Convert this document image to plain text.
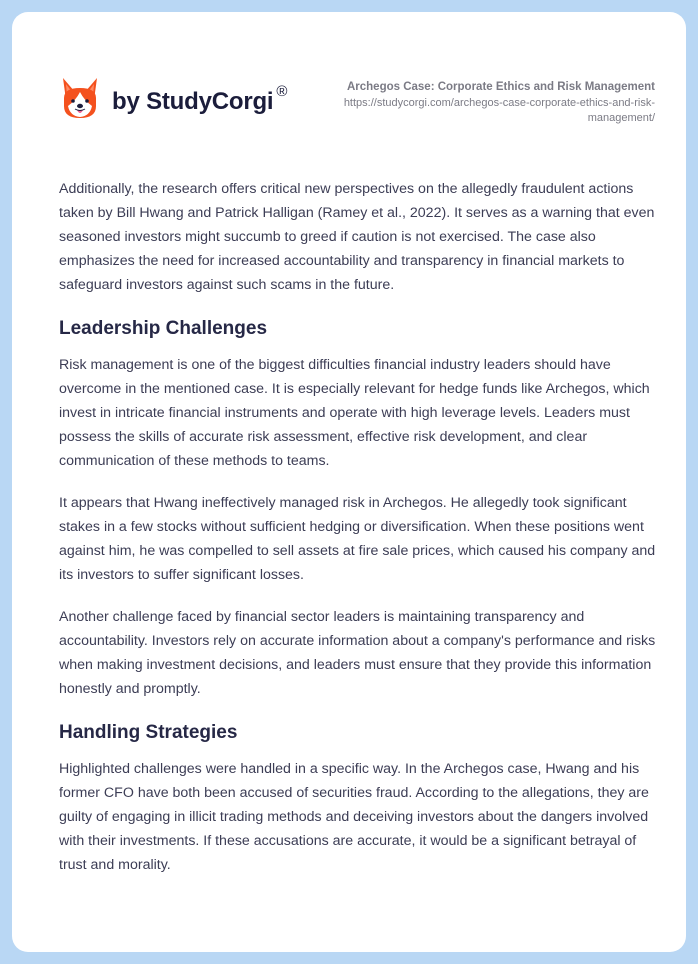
by StudyCorgi ®	Archegos Case: Corporate Ethics and Risk Management
https://studycorgi.com/archegos-case-corporate-ethics-and-risk-management/

Additionally, the research offers critical new perspectives on the allegedly fraudulent actions taken by Bill Hwang and Patrick Halligan (Ramey et al., 2022). It serves as a warning that even seasoned investors might succumb to greed if caution is not exercised. The case also emphasizes the need for increased accountability and transparency in financial markets to safeguard investors against such scams in the future.

Leadership Challenges

Risk management is one of the biggest difficulties financial industry leaders should have overcome in the mentioned case. It is especially relevant for hedge funds like Archegos, which invest in intricate financial instruments and operate with high leverage levels. Leaders must possess the skills of accurate risk assessment, effective risk development, and clear communication of these methods to teams.

It appears that Hwang ineffectively managed risk in Archegos. He allegedly took significant stakes in a few stocks without sufficient hedging or diversification. When these positions went against him, he was compelled to sell assets at fire sale prices, which caused his company and its investors to suffer significant losses.

Another challenge faced by financial sector leaders is maintaining transparency and accountability. Investors rely on accurate information about a company's performance and risks when making investment decisions, and leaders must ensure that they provide this information honestly and promptly.

Handling Strategies

Highlighted challenges were handled in a specific way. In the Archegos case, Hwang and his former CFO have both been accused of securities fraud. According to the allegations, they are guilty of engaging in illicit trading methods and deceiving investors about the dangers involved with their investments. If these accusations are accurate, it would be a significant betrayal of trust and morality.
